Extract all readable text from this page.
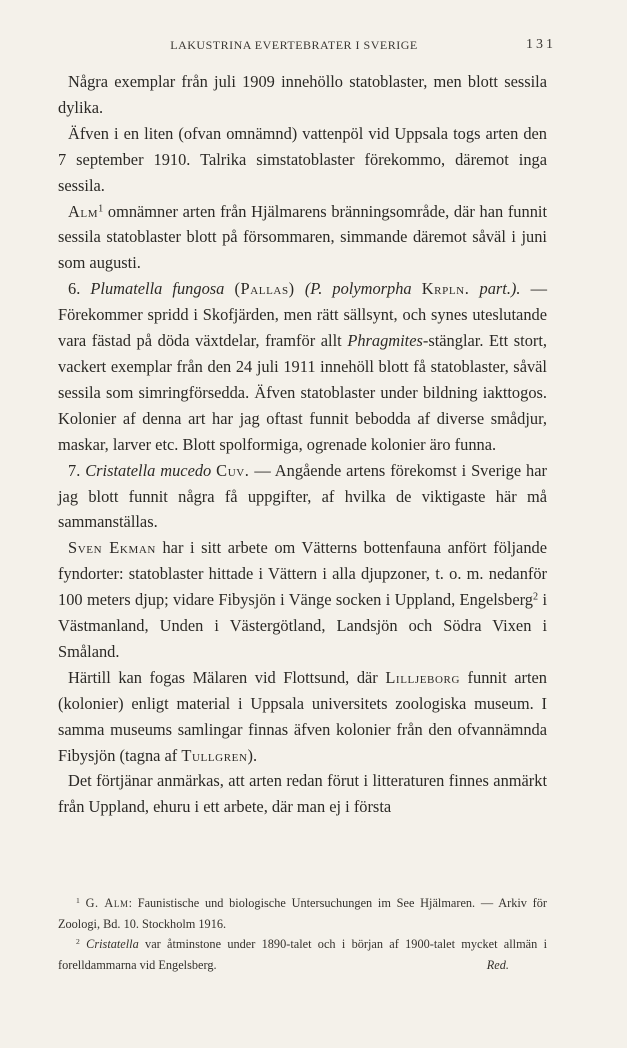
LAKUSTRINA EVERTEBRATER I SVERIGE	131

Några exemplar från juli 1909 innehöllo statoblaster, men blott sessila dylika.

Äfven i en liten (ofvan omnämnd) vattenpöl vid Uppsala togs arten den 7 september 1910. Talrika simstatoblaster förekommo, däremot inga sessila.

Alm$^1$ omnämner arten från Hjälmarens bränningsområde, där han funnit sessila statoblaster blott på försommaren, simmande däremot såväl i juni som augusti.

6. Plumatella fungosa (Pallas) (P. polymorpha Krpln. part.). — Förekommer spridd i Skofjärden, men rätt sällsynt, och synes uteslutande vara fästad på döda växtdelar, framför allt Phragmites-stänglar. Ett stort, vackert exemplar från den 24 juli 1911 innehöll blott få statoblaster, såväl sessila som simringförsedda. Äfven statoblaster under bildning iakttogos. Kolonier af denna art har jag oftast funnit bebodda af diverse smådjur, maskar, larver etc. Blott spolformiga, ogrenade kolonier äro funna.

7. Cristatella mucedo Cuv. — Angående artens förekomst i Sverige har jag blott funnit några få uppgifter, af hvilka de viktigaste här må sammanställas.

Sven Ekman har i sitt arbete om Vätterns bottenfauna anfört följande fyndorter: statoblaster hittade i Vättern i alla djupzoner, t. o. m. nedanför 100 meters djup; vidare Fibysjön i Vänge socken i Uppland, Engelsberg$^2$ i Västmanland, Unden i Västergötland, Landsjön och Södra Vixen i Småland.

Härtill kan fogas Mälaren vid Flottsund, där Lilljeborg funnit arten (kolonier) enligt material i Uppsala universitets zoologiska museum. I samma museums samlingar finnas äfven kolonier från den ofvannämnda Fibysjön (tagna af Tullgren).

Det förtjänar anmärkas, att arten redan förut i litteraturen finnes anmärkt från Uppland, ehuru i ett arbete, där man ej i första

$^1$ G. Alm: Faunistische und biologische Untersuchungen im See Hjälmaren. — Arkiv för Zoologi, Bd. 10. Stockholm 1916.

$^2$ Cristatella var åtminstone under 1890-talet och i början af 1900-talet mycket allmän i forelldammarna vid Engelsberg.	Red.
